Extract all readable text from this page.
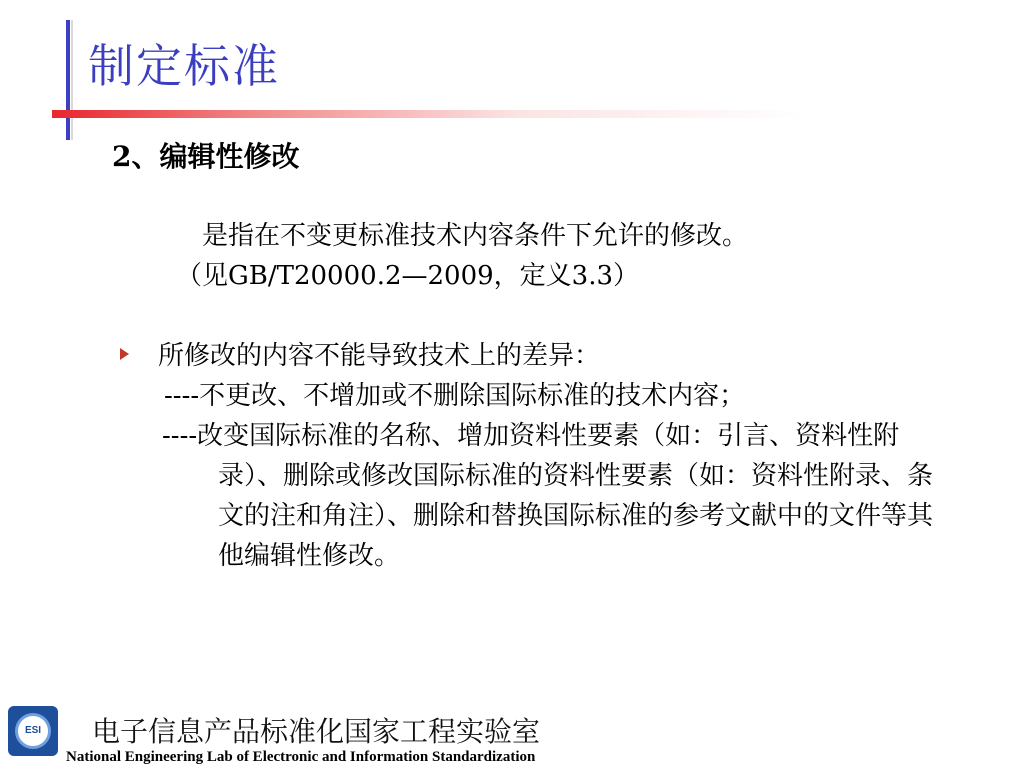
制定标准
2、编辑性修改
是指在不变更标准技术内容条件下允许的修改。
（见GB/T20000.2—2009，定义3.3）
所修改的内容不能导致技术上的差异：
----不更改、不增加或不删除国际标准的技术内容；
----改变国际标准的名称、增加资料性要素（如：引言、资料性附录）、删除或修改国际标准的资料性要素（如：资料性附录、条文的注和角注）、删除和替换国际标准的参考文献中的文件等其他编辑性修改。
ESI	电子信息产品标准化国家工程实验室
National Engineering Lab of Electronic and Information Standardization
